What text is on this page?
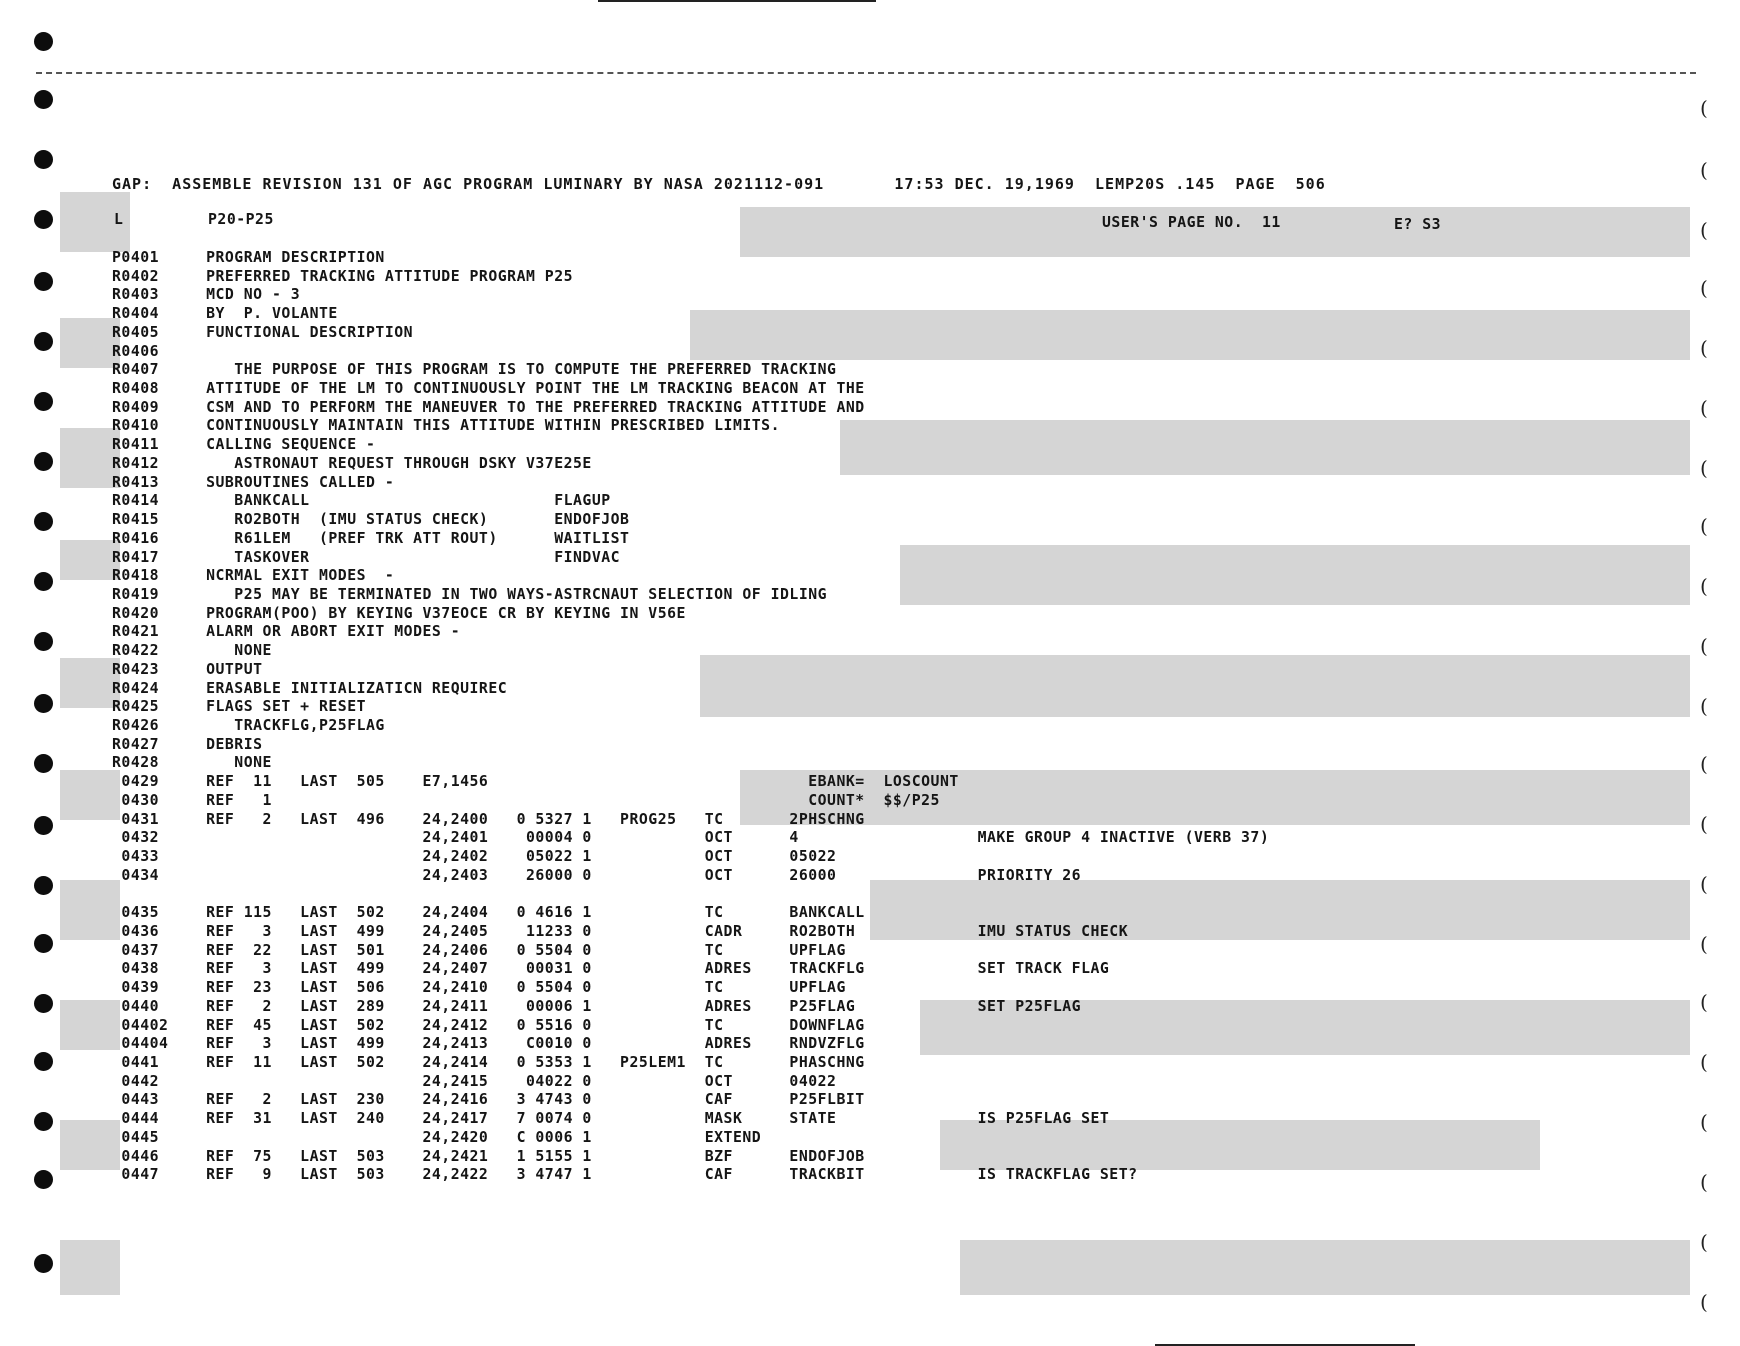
(
(
(
(
(
(
(
(
(
(
(
(
(
(
(
(
(
(
(
(
(
GAP:  ASSEMBLE REVISION 131 OF AGC PROGRAM LUMINARY BY NASA 2021112-091       17:53 DEC. 19,1969  LEMP20S .145  PAGE  506
L	P20-P25	USER'S PAGE NO.  11	E? S3
P0401     PROGRAM DESCRIPTION
R0402     PREFERRED TRACKING ATTITUDE PROGRAM P25
R0403     MCD NO - 3
R0404     BY  P. VOLANTE
R0405     FUNCTIONAL DESCRIPTION
R0406
R0407        THE PURPOSE OF THIS PROGRAM IS TO COMPUTE THE PREFERRED TRACKING
R0408     ATTITUDE OF THE LM TO CONTINUOUSLY POINT THE LM TRACKING BEACON AT THE
R0409     CSM AND TO PERFORM THE MANEUVER TO THE PREFERRED TRACKING ATTITUDE AND
R0410     CONTINUOUSLY MAINTAIN THIS ATTITUDE WITHIN PRESCRIBED LIMITS.
R0411     CALLING SEQUENCE -
R0412        ASTRONAUT REQUEST THROUGH DSKY V37E25E
R0413     SUBROUTINES CALLED -
R0414        BANKCALL                          FLAGUP
R0415        RO2BOTH  (IMU STATUS CHECK)       ENDOFJOB
R0416        R61LEM   (PREF TRK ATT ROUT)      WAITLIST
R0417        TASKOVER                          FINDVAC
R0418     NCRMAL EXIT MODES  -
R0419        P25 MAY BE TERMINATED IN TWO WAYS-ASTRCNAUT SELECTION OF IDLING
R0420     PROGRAM(POO) BY KEYING V37EOCE CR BY KEYING IN V56E
R0421     ALARM OR ABORT EXIT MODES -
R0422        NONE
R0423     OUTPUT
R0424     ERASABLE INITIALIZATICN REQUIREC
R0425     FLAGS SET + RESET
R0426        TRACKFLG,P25FLAG
R0427     DEBRIS
R0428        NONE
0429     REF  11   LAST  505    E7,1456                                  EBANK=  LOSCOUNT
0430     REF   1                                                         COUNT*  $$/P25
0431     REF   2   LAST  496    24,2400   0 5327 1   PROG25   TC       2PHSCHNG
0432                            24,2401    00004 0            OCT      4                   MAKE GROUP 4 INACTIVE (VERB 37)
0433                            24,2402    05022 1            OCT      05022
0434                            24,2403    26000 0            OCT      26000               PRIORITY 26
0435     REF 115   LAST  502    24,2404   0 4616 1            TC       BANKCALL
0436     REF   3   LAST  499    24,2405    11233 0            CADR     RO2BOTH             IMU STATUS CHECK
0437     REF  22   LAST  501    24,2406   0 5504 0            TC       UPFLAG
0438     REF   3   LAST  499    24,2407    00031 0            ADRES    TRACKFLG            SET TRACK FLAG
0439     REF  23   LAST  506    24,2410   0 5504 0            TC       UPFLAG
0440     REF   2   LAST  289    24,2411    00006 1            ADRES    P25FLAG             SET P25FLAG
04402    REF  45   LAST  502    24,2412   0 5516 0            TC       DOWNFLAG
04404    REF   3   LAST  499    24,2413    C0010 0            ADRES    RNDVZFLG
0441     REF  11   LAST  502    24,2414   0 5353 1   P25LEM1  TC       PHASCHNG
0442                            24,2415    04022 0            OCT      04022
0443     REF   2   LAST  230    24,2416   3 4743 0            CAF      P25FLBIT
0444     REF  31   LAST  240    24,2417   7 0074 0            MASK     STATE               IS P25FLAG SET
0445                            24,2420   C 0006 1            EXTEND
0446     REF  75   LAST  503    24,2421   1 5155 1            BZF      ENDOFJOB
0447     REF   9   LAST  503    24,2422   3 4747 1            CAF      TRACKBIT            IS TRACKFLAG SET?
